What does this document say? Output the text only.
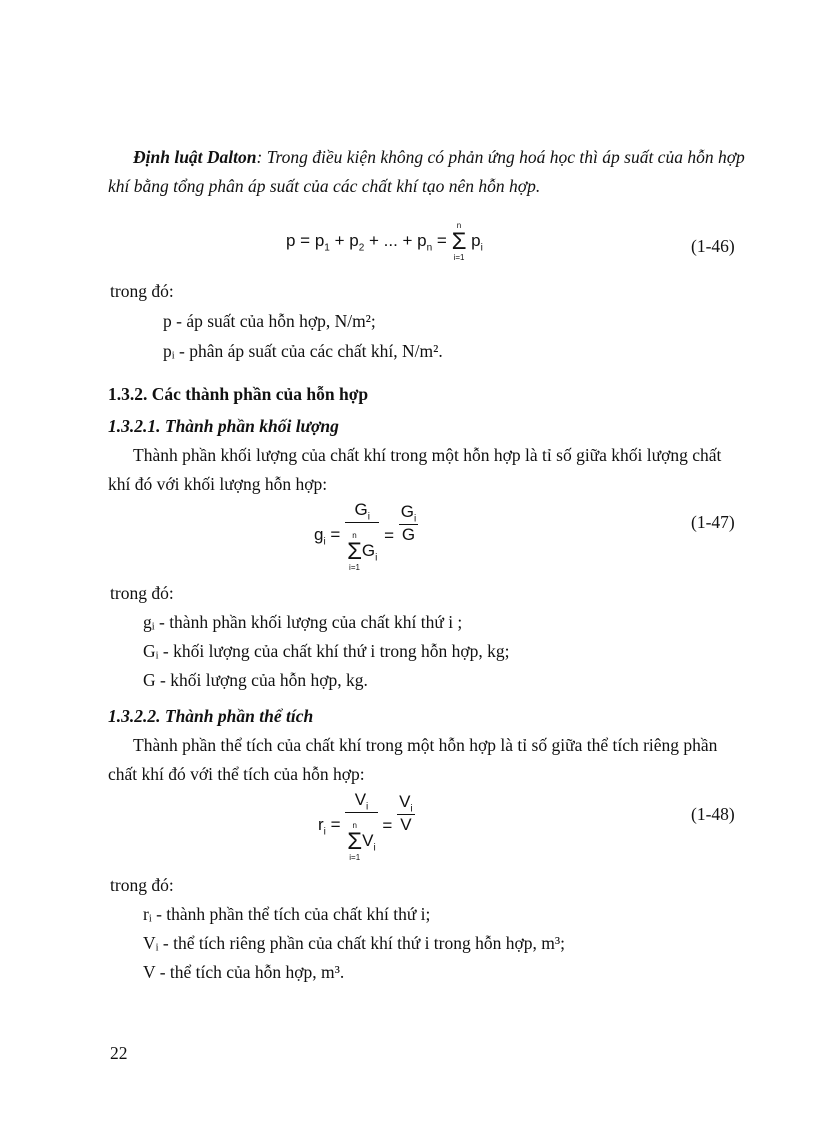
Định luật Dalton: Trong điều kiện không có phản ứng hoá học thì áp suất của hỗn hợp khí bằng tổng phân áp suất của các chất khí tạo nên hỗn hợp.
$p = p_1 + p_2$ + ... + $p_n$ =
n
Σ
i=1
$p_i$	(1-46)
trong đó:
p - áp suất của hỗn hợp, N/m²;
pᵢ - phân áp suất của các chất khí, N/m².
1.3.2. Các thành phần của hỗn hợp
1.3.2.1. Thành phần khối lượng
Thành phần khối lượng của chất khí trong một hỗn hợp là tỉ số giữa khối lượng chất khí đó với khối lượng hỗn hợp:
$g_i = G_i$
n
Σ
i=1
$G_i = \frac{G_i}{G}$	(1-47)
trong đó:
gᵢ - thành phần khối lượng của chất khí thứ i ;
Gᵢ - khối lượng của chất khí thứ i trong hỗn hợp, kg;
G - khối lượng của hỗn hợp, kg.
1.3.2.2. Thành phần thể tích
Thành phần thể tích của chất khí trong một hỗn hợp là tỉ số giữa thể tích riêng phần chất khí đó với thể tích của hỗn hợp:
$r_i = V_i$
n
Σ
i=1
$V_i = \frac{V_i}{V}$	(1-48)
trong đó:
rᵢ - thành phần thể tích của chất khí thứ i;
Vᵢ - thể tích riêng phần của chất khí thứ i trong hỗn hợp, m³;
V - thể tích của hỗn hợp, m³.
22
